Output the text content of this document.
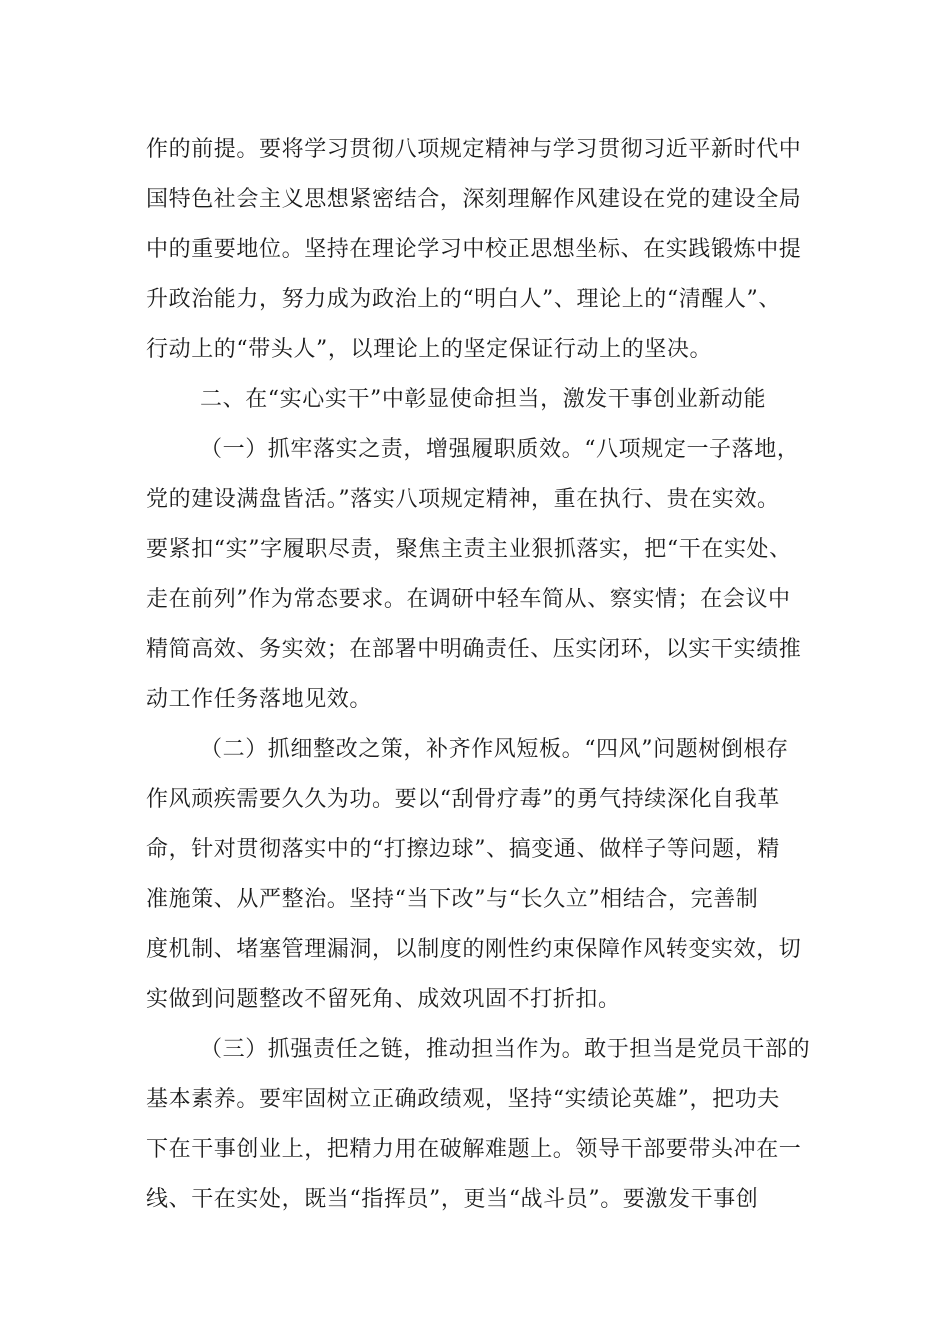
作的前提。要将学习贯彻八项规定精神与学习贯彻习近平新时代中
国特色社会主义思想紧密结合，深刻理解作风建设在党的建设全局
中的重要地位。坚持在理论学习中校正思想坐标、在实践锻炼中提
升政治能力，努力成为政治上的“明白人”、理论上的“清醒人”、
行动上的“带头人”，以理论上的坚定保证行动上的坚决。
二、在“实心实干”中彰显使命担当，激发干事创业新动能
（一）抓牢落实之责，增强履职质效。“八项规定一子落地，
党的建设满盘皆活。”落实八项规定精神，重在执行、贵在实效。
要紧扣“实”字履职尽责，聚焦主责主业狠抓落实，把“干在实处、
走在前列”作为常态要求。在调研中轻车简从、察实情；在会议中
精简高效、务实效；在部署中明确责任、压实闭环，以实干实绩推
动工作任务落地见效。
（二）抓细整改之策，补齐作风短板。“四风”问题树倒根存
作风顽疾需要久久为功。要以“刮骨疗毒”的勇气持续深化自我革
命，针对贯彻落实中的“打擦边球”、搞变通、做样子等问题，精
准施策、从严整治。坚持“当下改”与“长久立”相结合，完善制
度机制、堵塞管理漏洞，以制度的刚性约束保障作风转变实效，切
实做到问题整改不留死角、成效巩固不打折扣。
（三）抓强责任之链，推动担当作为。敢于担当是党员干部的
基本素养。要牢固树立正确政绩观，坚持“实绩论英雄”，把功夫
下在干事创业上，把精力用在破解难题上。领导干部要带头冲在一
线、干在实处，既当“指挥员”，更当“战斗员”。要激发干事创
